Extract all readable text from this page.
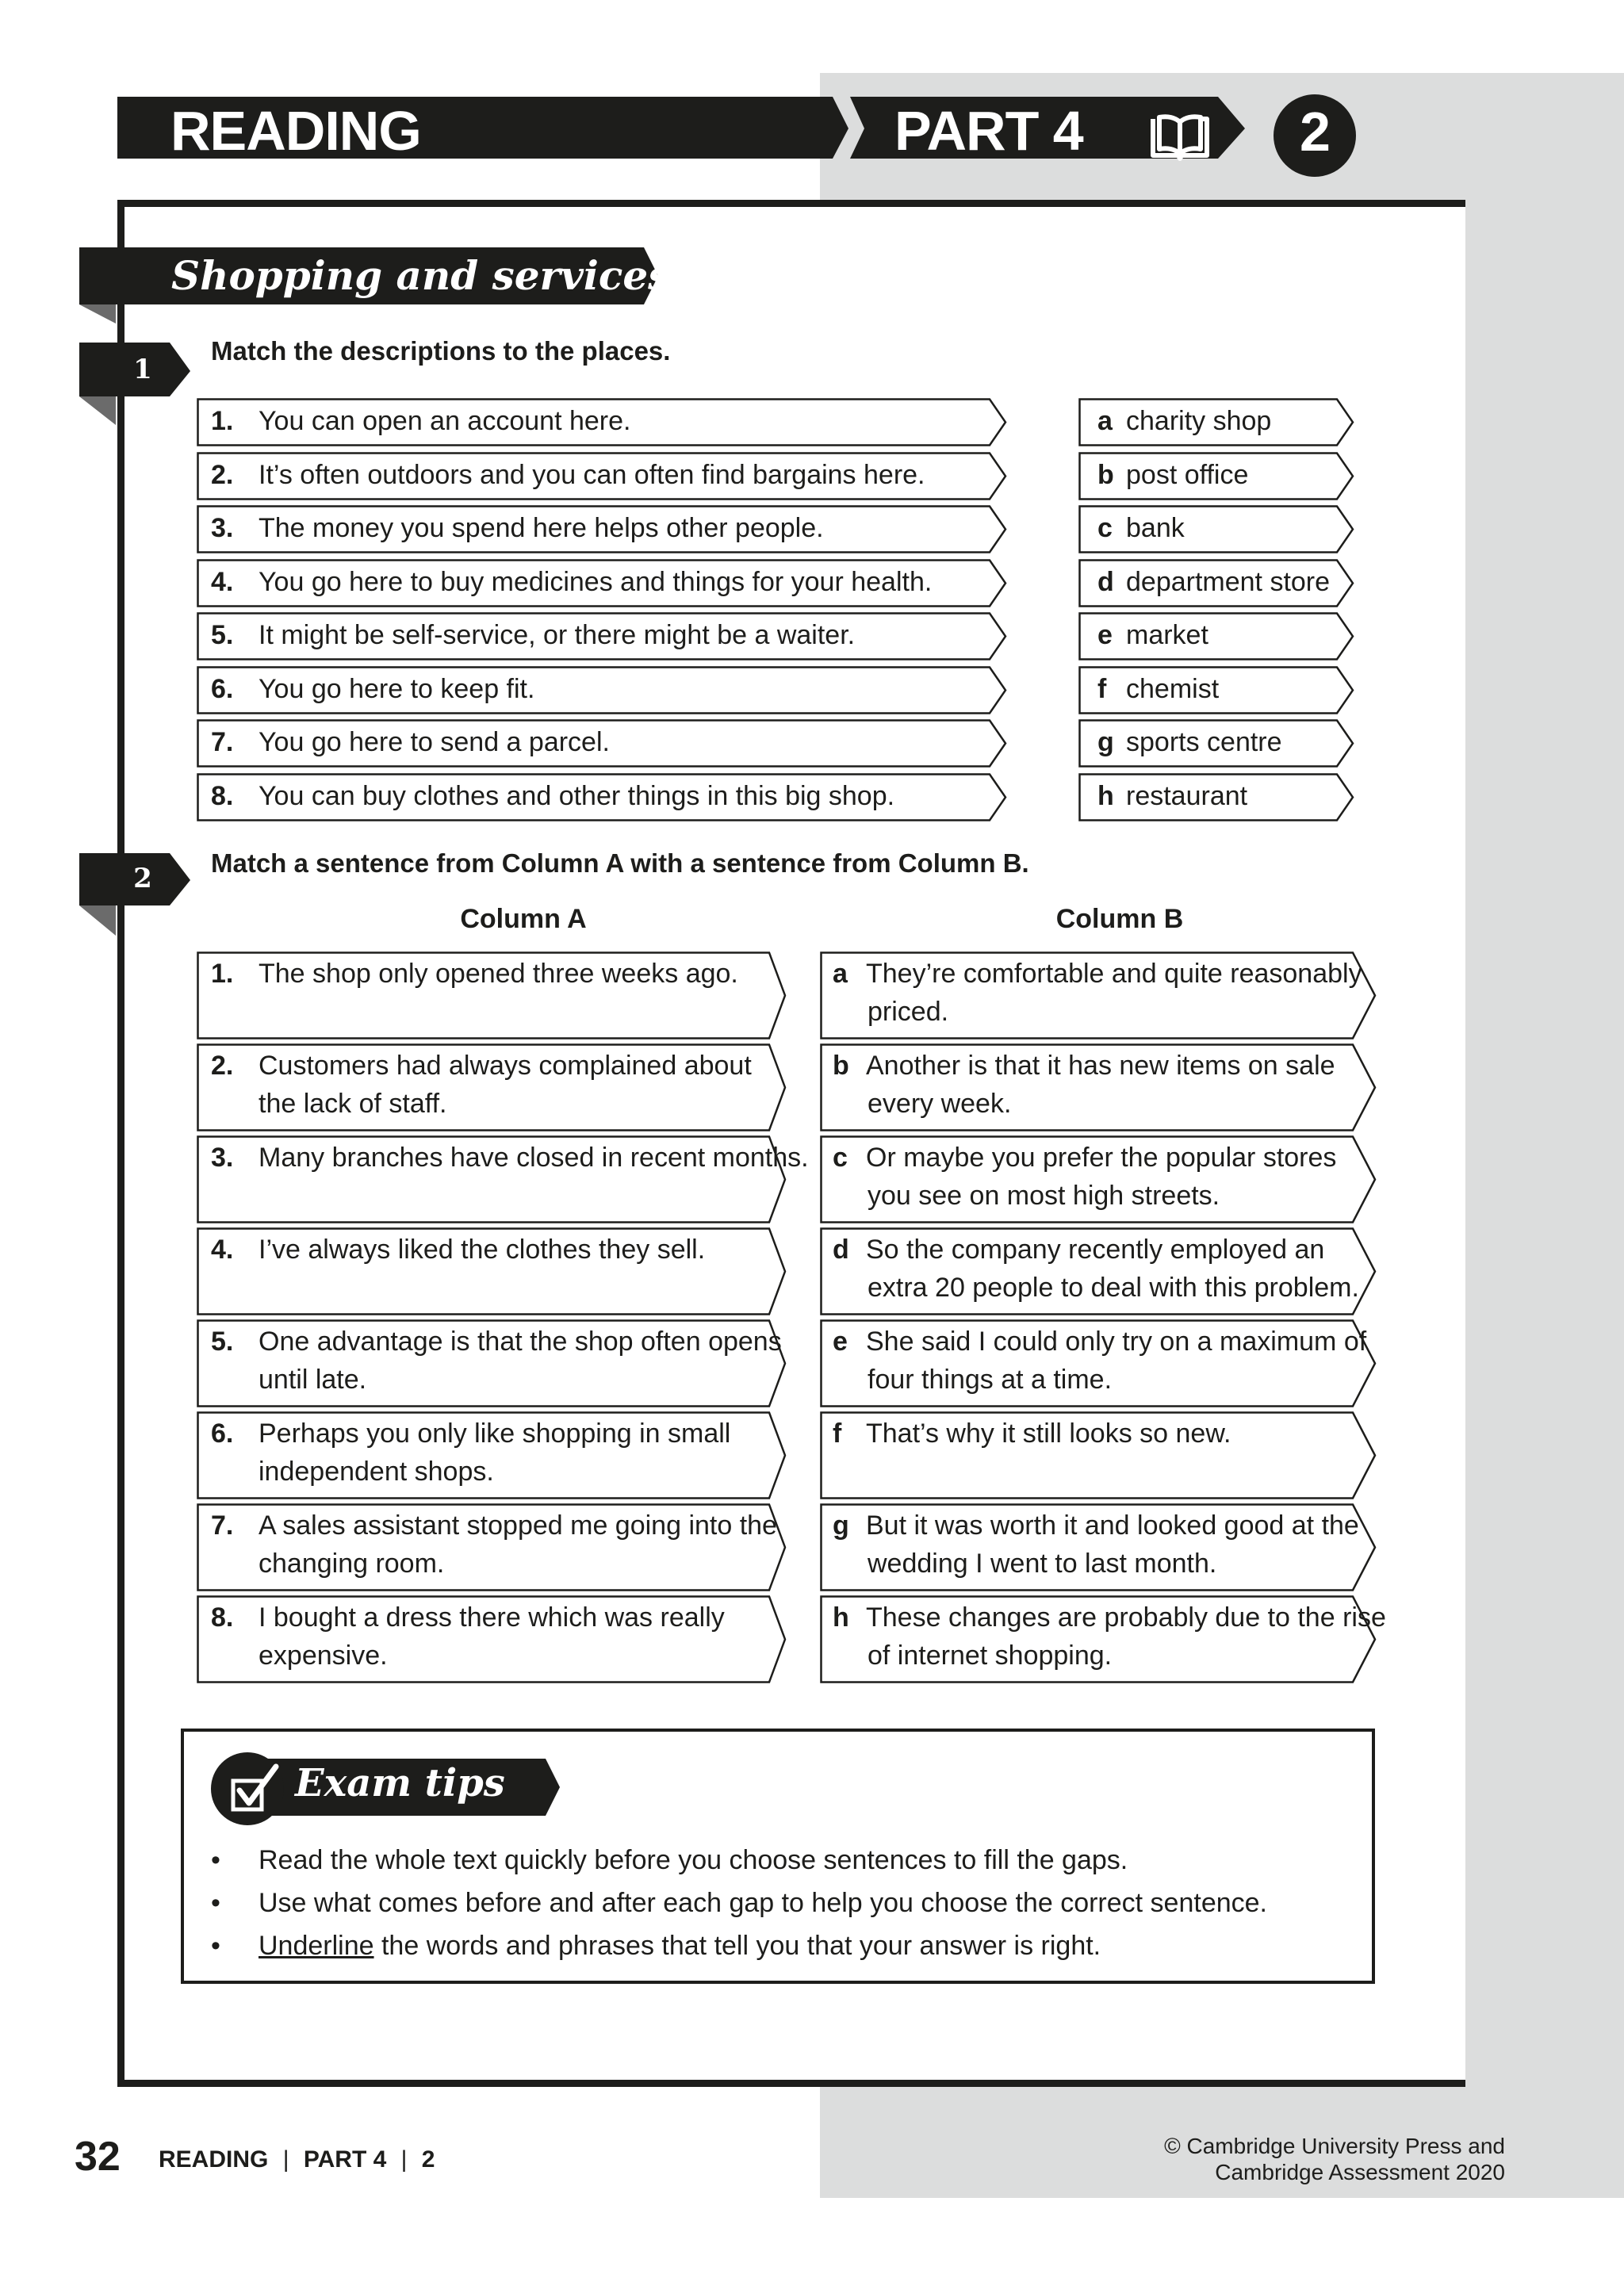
READING	PART 4	2
Shopping and services
1
Match the descriptions to the places.
1. You can open an account here.
2. It’s often outdoors and you can often find bargains here.
3. The money you spend here helps other people.
4. You go here to buy medicines and things for your health.
5. It might be self-service, or there might be a waiter.
6. You go here to keep fit.
7. You go here to send a parcel.
8. You can buy clothes and other things in this big shop.
a charity shop
b post office
c bank
d department store
e market
f chemist
g sports centre
h restaurant
2	Match a sentence from Column A with a sentence from Column B.
Column A	Column B
1. The shop only opened three weeks ago.
2. Customers had always complained about
the lack of staff.
3. Many branches have closed in recent months.
4. I’ve always liked the clothes they sell.
5. One advantage is that the shop often opens
until late.
6. Perhaps you only like shopping in small
independent shops.
7. A sales assistant stopped me going into the
changing room.
8. I bought a dress there which was really
expensive.
a They’re comfortable and quite reasonably
priced.
b Another is that it has new items on sale
every week.
c Or maybe you prefer the popular stores
you see on most high streets.
d So the company recently employed an
extra 20 people to deal with this problem.
e She said I could only try on a maximum of
four things at a time.
f That’s why it still looks so new.
g But it was worth it and looked good at the
wedding I went to last month.
h These changes are probably due to the rise
of internet shopping.
Exam tips
• Read the whole text quickly before you choose sentences to fill the gaps.
• Use what comes before and after each gap to help you choose the correct sentence.
• Underline the words and phrases that tell you that your answer is right.
32 READING | PART 4 | 2
© Cambridge University Press and
Cambridge Assessment 2020
